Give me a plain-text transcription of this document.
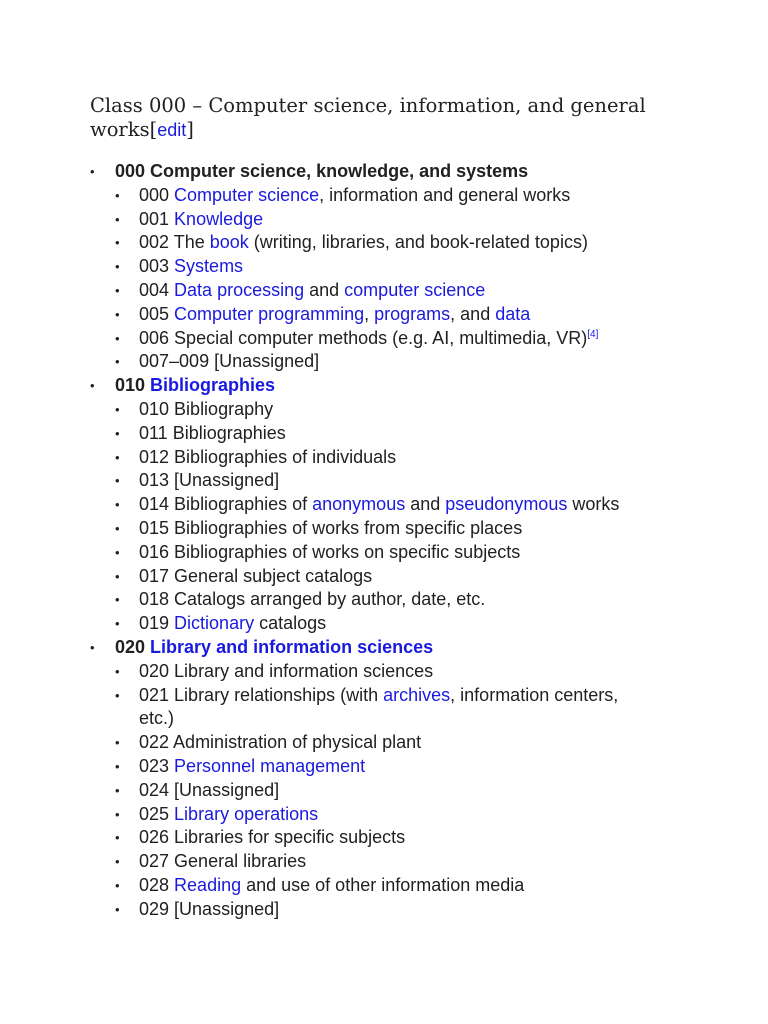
Class 000 – Computer science, information, and general works[edit]
• 000 Computer science, knowledge, and systems
• 000 Computer science, information and general works
• 001 Knowledge
• 002 The book (writing, libraries, and book-related topics)
• 003 Systems
• 004 Data processing and computer science
• 005 Computer programming, programs, and data
• 006 Special computer methods (e.g. AI, multimedia, VR)[4]
• 007–009 [Unassigned]
• 010 Bibliographies
• 010 Bibliography
• 011 Bibliographies
• 012 Bibliographies of individuals
• 013 [Unassigned]
• 014 Bibliographies of anonymous and pseudonymous works
• 015 Bibliographies of works from specific places
• 016 Bibliographies of works on specific subjects
• 017 General subject catalogs
• 018 Catalogs arranged by author, date, etc.
• 019 Dictionary catalogs
• 020 Library and information sciences
• 020 Library and information sciences
• 021 Library relationships (with archives, information centers, etc.)
• 022 Administration of physical plant
• 023 Personnel management
• 024 [Unassigned]
• 025 Library operations
• 026 Libraries for specific subjects
• 027 General libraries
• 028 Reading and use of other information media
• 029 [Unassigned]
